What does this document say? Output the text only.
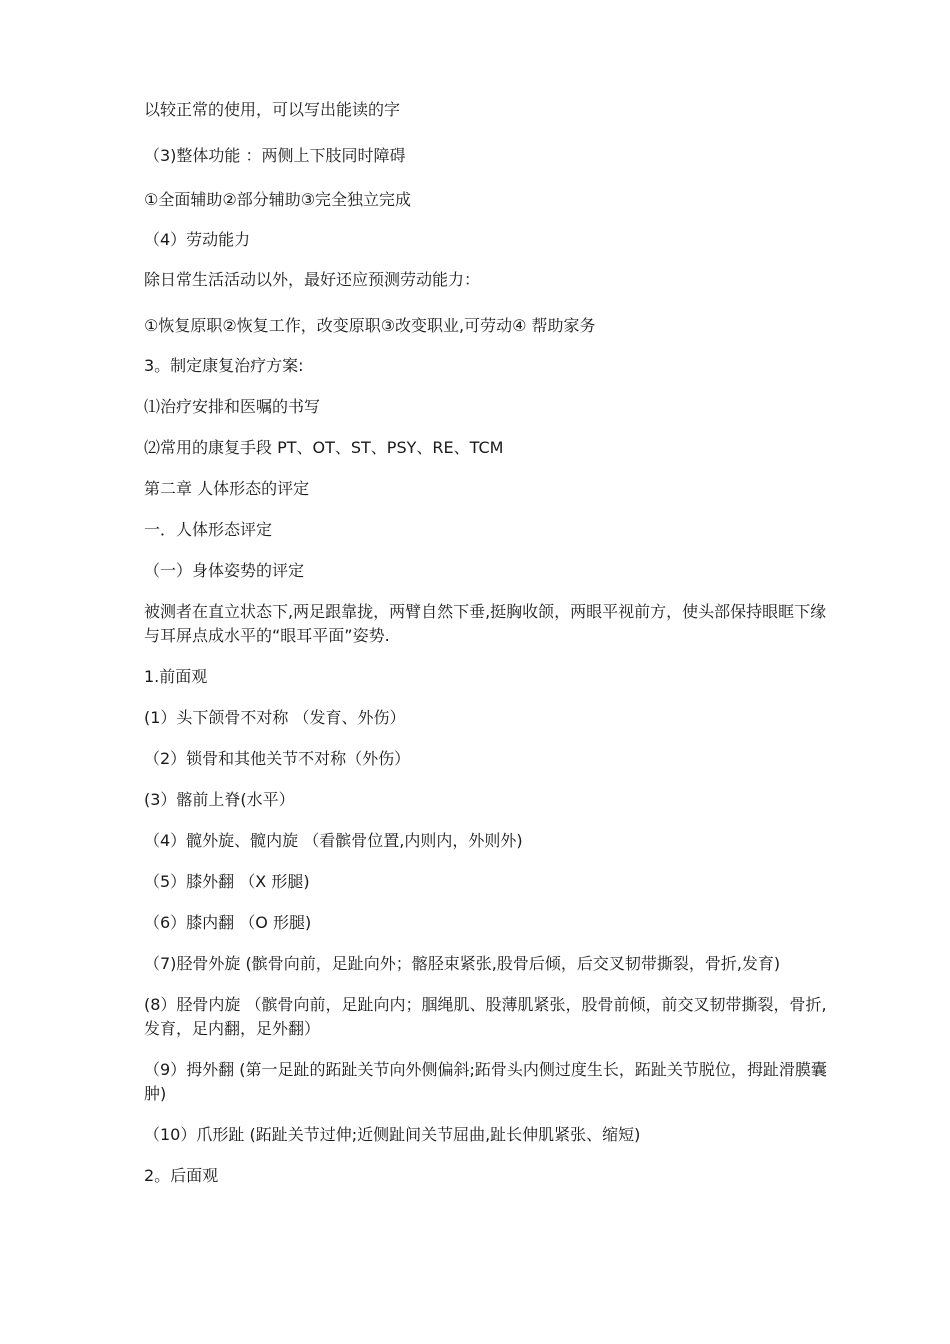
以较正常的使用，可以写出能读的字

（3)整体功能 ：两侧上下肢同时障碍

①全面辅助②部分辅助③完全独立完成

（4）劳动能力

除日常生活活动以外，最好还应预测劳动能力：

①恢复原职②恢复工作，改变原职③改变职业,可劳动④ 帮助家务

3。制定康复治疗方案:

⑴治疗安排和医嘱的书写

⑵常用的康复手段 PT、OT、ST、PSY、RE、TCM

第二章 人体形态的评定

一．人体形态评定

（一）身体姿势的评定

被测者在直立状态下,两足跟靠拢，两臂自然下垂,挺胸收颌，两眼平视前方，使头部保持眼眶下缘与耳屏点成水平的“眼耳平面”姿势.

1.前面观

(1）头下颌骨不对称 （发育、外伤）

（2）锁骨和其他关节不对称（外伤）

(3）髂前上脊(水平）

（4）髋外旋、髋内旋 （看髌骨位置,内则内，外则外)

（5）膝外翻 （X 形腿)

（6）膝内翻 （O 形腿)

（7)胫骨外旋 (髌骨向前，足趾向外；髂胫束紧张,股骨后倾，后交叉韧带撕裂，骨折,发育)

(8）胫骨内旋 （髌骨向前，足趾向内；腘绳肌、股薄肌紧张，股骨前倾，前交叉韧带撕裂，骨折,发育，足内翻，足外翻）

（9）拇外翻 (第一足趾的跖趾关节向外侧偏斜;跖骨头内侧过度生长，跖趾关节脱位，拇趾滑膜囊肿)

（10）爪形趾 (跖趾关节过伸;近侧趾间关节屈曲,趾长伸肌紧张、缩短)

2。后面观
